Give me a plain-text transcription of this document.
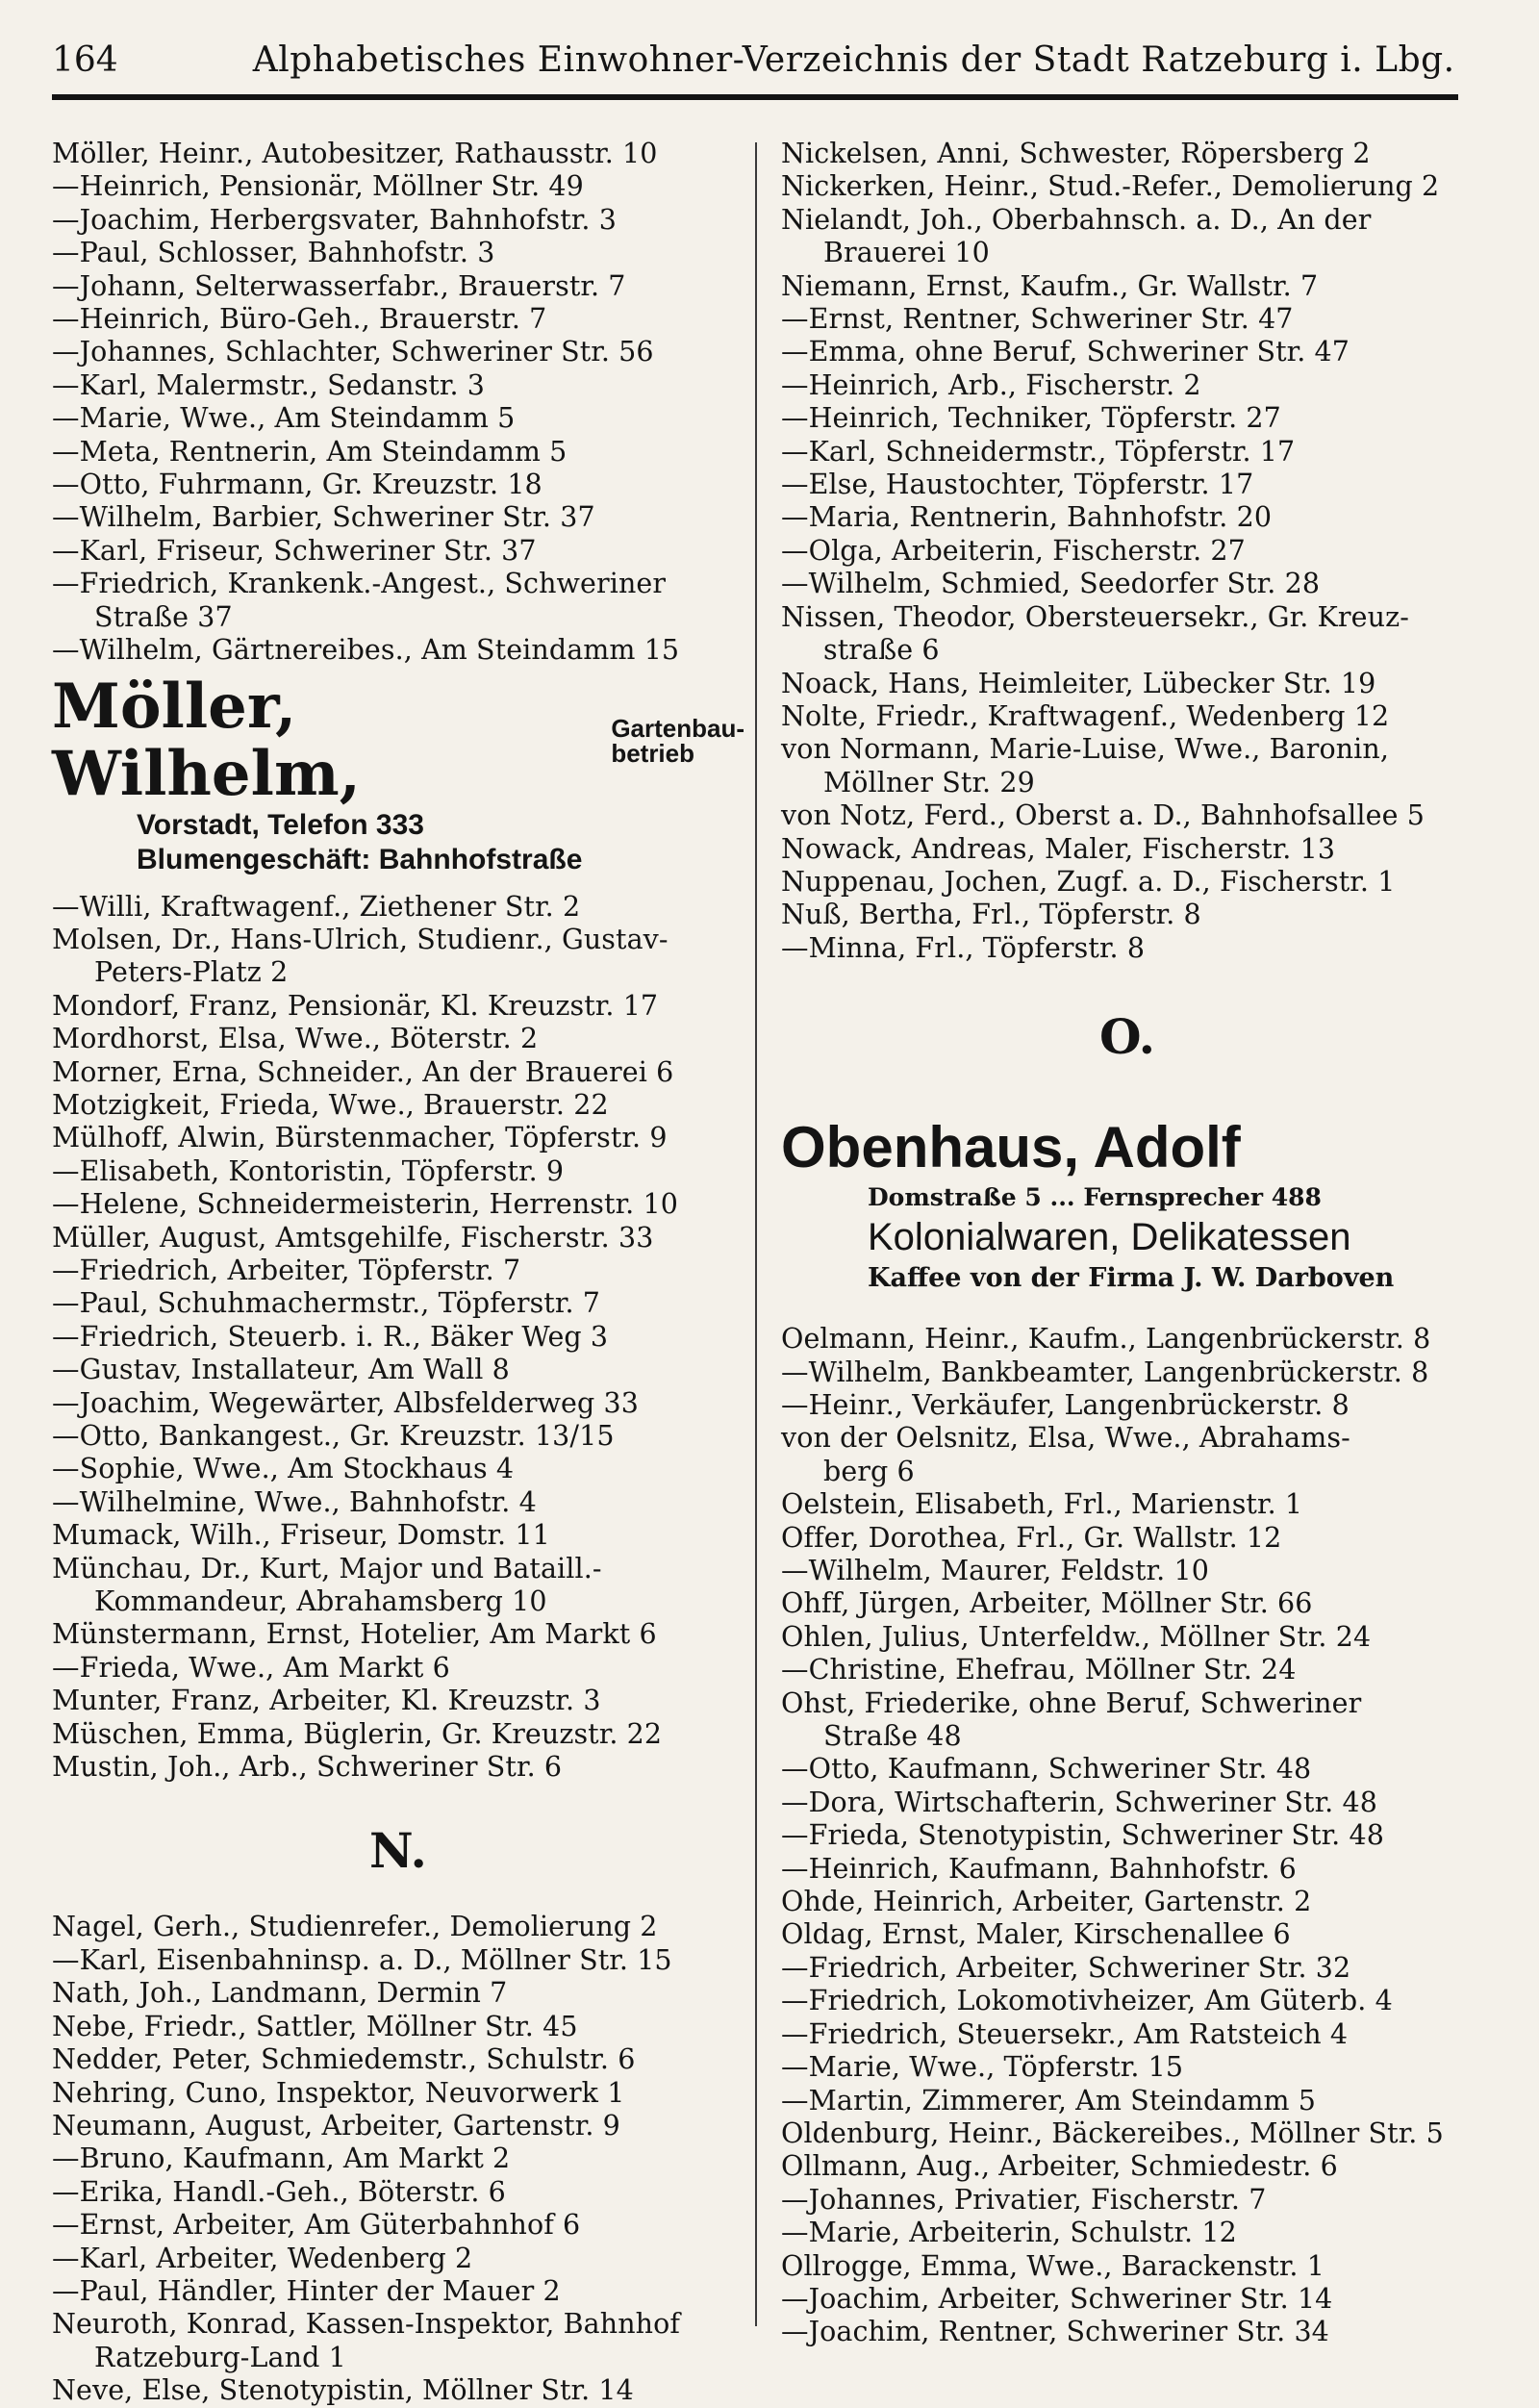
164	Alphabetisches Einwohner-Verzeichnis der Stadt Ratzeburg i. Lbg.
Möller, Heinr., Autobesitzer, Rathausstr. 10
—Heinrich, Pensionär, Möllner Str. 49
—Joachim, Herbergsvater, Bahnhofstr. 3
—Paul, Schlosser, Bahnhofstr. 3
—Johann, Selterwasserfabr., Brauerstr. 7
—Heinrich, Büro-Geh., Brauerstr. 7
—Johannes, Schlachter, Schweriner Str. 56
—Karl, Malermstr., Sedanstr. 3
—Marie, Wwe., Am Steindamm 5
—Meta, Rentnerin, Am Steindamm 5
—Otto, Fuhrmann, Gr. Kreuzstr. 18
—Wilhelm, Barbier, Schweriner Str. 37
—Karl, Friseur, Schweriner Str. 37
—Friedrich, Krankenk.-Angest., Schweriner
Straße 37
—Wilhelm, Gärtnereibes., Am Steindamm 15
Möller, Wilhelm,
Gartenbau-
betrieb
Vorstadt, Telefon 333
Blumengeschäft: Bahnhofstraße
—Willi, Kraftwagenf., Ziethener Str. 2
Molsen, Dr., Hans-Ulrich, Studienr., Gustav-
Peters-Platz 2
Mondorf, Franz, Pensionär, Kl. Kreuzstr. 17
Mordhorst, Elsa, Wwe., Böterstr. 2
Morner, Erna, Schneider., An der Brauerei 6
Motzigkeit, Frieda, Wwe., Brauerstr. 22
Mülhoff, Alwin, Bürstenmacher, Töpferstr. 9
—Elisabeth, Kontoristin, Töpferstr. 9
—Helene, Schneidermeisterin, Herrenstr. 10
Müller, August, Amtsgehilfe, Fischerstr. 33
—Friedrich, Arbeiter, Töpferstr. 7
—Paul, Schuhmachermstr., Töpferstr. 7
—Friedrich, Steuerb. i. R., Bäker Weg 3
—Gustav, Installateur, Am Wall 8
—Joachim, Wegewärter, Albsfelderweg 33
—Otto, Bankangest., Gr. Kreuzstr. 13/15
—Sophie, Wwe., Am Stockhaus 4
—Wilhelmine, Wwe., Bahnhofstr. 4
Mumack, Wilh., Friseur, Domstr. 11
Münchau, Dr., Kurt, Major und Bataill.-
Kommandeur, Abrahamsberg 10
Münstermann, Ernst, Hotelier, Am Markt 6
—Frieda, Wwe., Am Markt 6
Munter, Franz, Arbeiter, Kl. Kreuzstr. 3
Müschen, Emma, Büglerin, Gr. Kreuzstr. 22
Mustin, Joh., Arb., Schweriner Str. 6
N.
Nagel, Gerh., Studienrefer., Demolierung 2
—Karl, Eisenbahninsp. a. D., Möllner Str. 15
Nath, Joh., Landmann, Dermin 7
Nebe, Friedr., Sattler, Möllner Str. 45
Nedder, Peter, Schmiedemstr., Schulstr. 6
Nehring, Cuno, Inspektor, Neuvorwerk 1
Neumann, August, Arbeiter, Gartenstr. 9
—Bruno, Kaufmann, Am Markt 2
—Erika, Handl.-Geh., Böterstr. 6
—Ernst, Arbeiter, Am Güterbahnhof 6
—Karl, Arbeiter, Wedenberg 2
—Paul, Händler, Hinter der Mauer 2
Neuroth, Konrad, Kassen-Inspektor, Bahnhof
Ratzeburg-Land 1
Neve, Else, Stenotypistin, Möllner Str. 14
Nickelsen, Anni, Schwester, Röpersberg 2
Nickerken, Heinr., Stud.-Refer., Demolierung 2
Nielandt, Joh., Oberbahnsch. a. D., An der
Brauerei 10
Niemann, Ernst, Kaufm., Gr. Wallstr. 7
—Ernst, Rentner, Schweriner Str. 47
—Emma, ohne Beruf, Schweriner Str. 47
—Heinrich, Arb., Fischerstr. 2
—Heinrich, Techniker, Töpferstr. 27
—Karl, Schneidermstr., Töpferstr. 17
—Else, Haustochter, Töpferstr. 17
—Maria, Rentnerin, Bahnhofstr. 20
—Olga, Arbeiterin, Fischerstr. 27
—Wilhelm, Schmied, Seedorfer Str. 28
Nissen, Theodor, Obersteuersekr., Gr. Kreuz-
straße 6
Noack, Hans, Heimleiter, Lübecker Str. 19
Nolte, Friedr., Kraftwagenf., Wedenberg 12
von Normann, Marie-Luise, Wwe., Baronin,
Möllner Str. 29
von Notz, Ferd., Oberst a. D., Bahnhofsallee 5
Nowack, Andreas, Maler, Fischerstr. 13
Nuppenau, Jochen, Zugf. a. D., Fischerstr. 1
Nuß, Bertha, Frl., Töpferstr. 8
—Minna, Frl., Töpferstr. 8
O.
Obenhaus, Adolf
Domstraße 5 ... Fernsprecher 488
Kolonialwaren, Delikatessen
Kaffee von der Firma J. W. Darboven
Oelmann, Heinr., Kaufm., Langenbrückerstr. 8
—Wilhelm, Bankbeamter, Langenbrückerstr. 8
—Heinr., Verkäufer, Langenbrückerstr. 8
von der Oelsnitz, Elsa, Wwe., Abrahams-
berg 6
Oelstein, Elisabeth, Frl., Marienstr. 1
Offer, Dorothea, Frl., Gr. Wallstr. 12
—Wilhelm, Maurer, Feldstr. 10
Ohff, Jürgen, Arbeiter, Möllner Str. 66
Ohlen, Julius, Unterfeldw., Möllner Str. 24
—Christine, Ehefrau, Möllner Str. 24
Ohst, Friederike, ohne Beruf, Schweriner
Straße 48
—Otto, Kaufmann, Schweriner Str. 48
—Dora, Wirtschafterin, Schweriner Str. 48
—Frieda, Stenotypistin, Schweriner Str. 48
—Heinrich, Kaufmann, Bahnhofstr. 6
Ohde, Heinrich, Arbeiter, Gartenstr. 2
Oldag, Ernst, Maler, Kirschenallee 6
—Friedrich, Arbeiter, Schweriner Str. 32
—Friedrich, Lokomotivheizer, Am Güterb. 4
—Friedrich, Steuersekr., Am Ratsteich 4
—Marie, Wwe., Töpferstr. 15
—Martin, Zimmerer, Am Steindamm 5
Oldenburg, Heinr., Bäckereibes., Möllner Str. 5
Ollmann, Aug., Arbeiter, Schmiedestr. 6
—Johannes, Privatier, Fischerstr. 7
—Marie, Arbeiterin, Schulstr. 12
Ollrogge, Emma, Wwe., Barackenstr. 1
—Joachim, Arbeiter, Schweriner Str. 14
—Joachim, Rentner, Schweriner Str. 34
